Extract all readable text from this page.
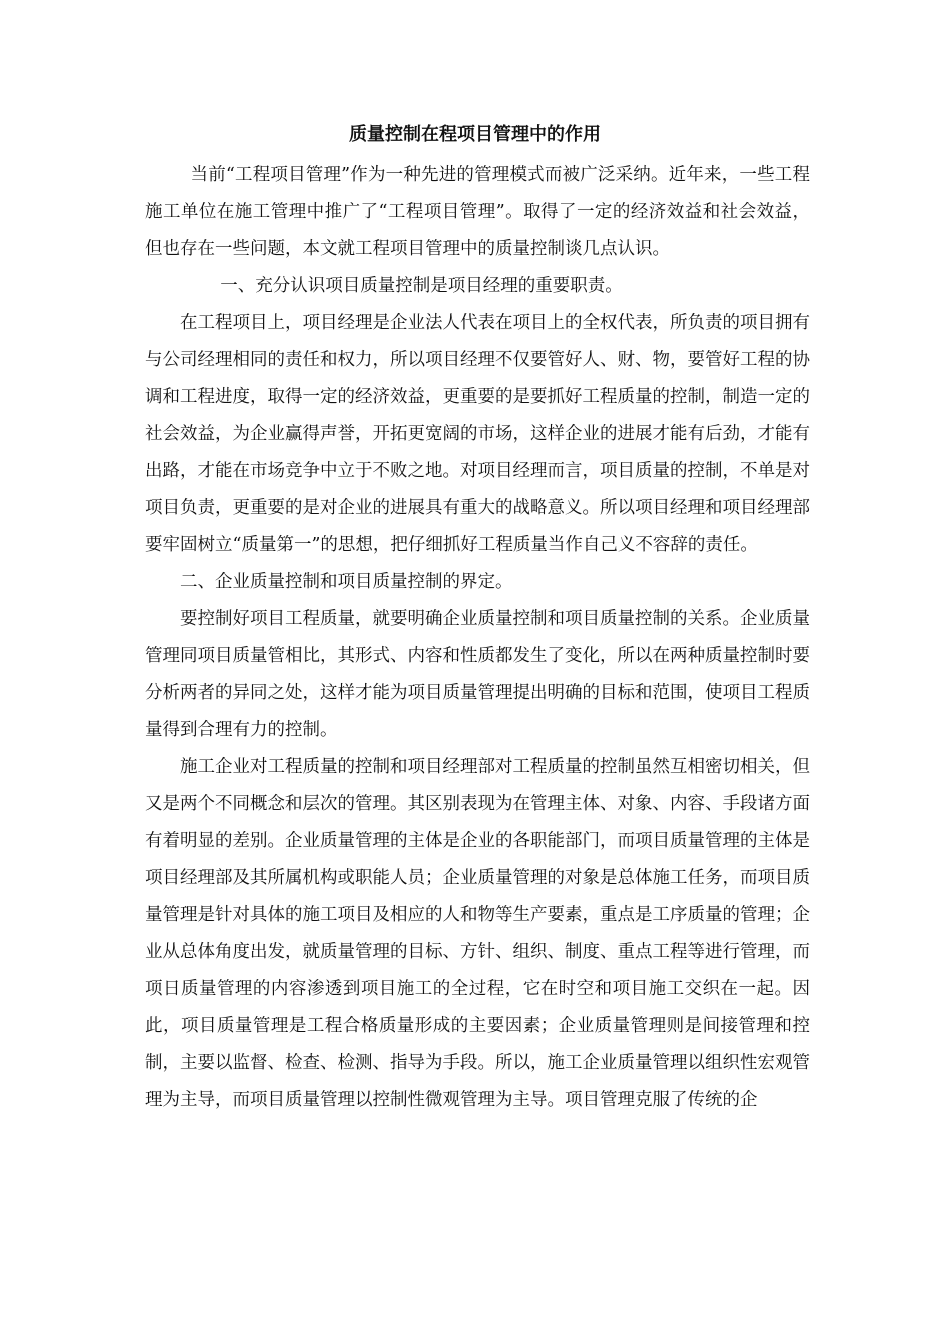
质量控制在程项目管理中的作用

当前“工程项目管理”作为一种先进的管理模式而被广泛采纳。近年来，一些工程施工单位在施工管理中推广了“工程项目管理”。取得了一定的经济效益和社会效益，但也存在一些问题，本文就工程项目管理中的质量控制谈几点认识。

一、充分认识项目质量控制是项目经理的重要职责。

在工程项目上，项目经理是企业法人代表在项目上的全权代表，所负责的项目拥有与公司经理相同的责任和权力，所以项目经理不仅要管好人、财、物，要管好工程的协调和工程进度，取得一定的经济效益，更重要的是要抓好工程质量的控制，制造一定的社会效益，为企业赢得声誉，开拓更宽阔的市场，这样企业的进展才能有后劲，才能有出路，才能在市场竞争中立于不败之地。对项目经理而言，项目质量的控制，不单是对项目负责，更重要的是对企业的进展具有重大的战略意义。所以项目经理和项目经理部要牢固树立“质量第一”的思想，把仔细抓好工程质量当作自己义不容辞的责任。

二、企业质量控制和项目质量控制的界定。

要控制好项目工程质量，就要明确企业质量控制和项目质量控制的关系。企业质量管理同项目质量管相比，其形式、内容和性质都发生了变化，所以在两种质量控制时要分析两者的异同之处，这样才能为项目质量管理提出明确的目标和范围，使项目工程质量得到合理有力的控制。

施工企业对工程质量的控制和项目经理部对工程质量的控制虽然互相密切相关，但又是两个不同概念和层次的管理。其区别表现为在管理主体、对象、内容、手段诸方面有着明显的差别。企业质量管理的主体是企业的各职能部门，而项目质量管理的主体是项目经理部及其所属机构或职能人员；企业质量管理的对象是总体施工任务，而项目质量管理是针对具体的施工项目及相应的人和物等生产要素，重点是工序质量的管理；企业从总体角度出发，就质量管理的目标、方针、组织、制度、重点工程等进行管理，而项日质量管理的内容渗透到项目施工的全过程，它在时空和项目施工交织在一起。因此，项目质量管理是工程合格质量形成的主要因素；企业质量管理则是间接管理和控制，主要以监督、检查、检测、指导为手段。所以，施工企业质量管理以组织性宏观管理为主导，而项目质量管理以控制性微观管理为主导。项目管理克服了传统的企
